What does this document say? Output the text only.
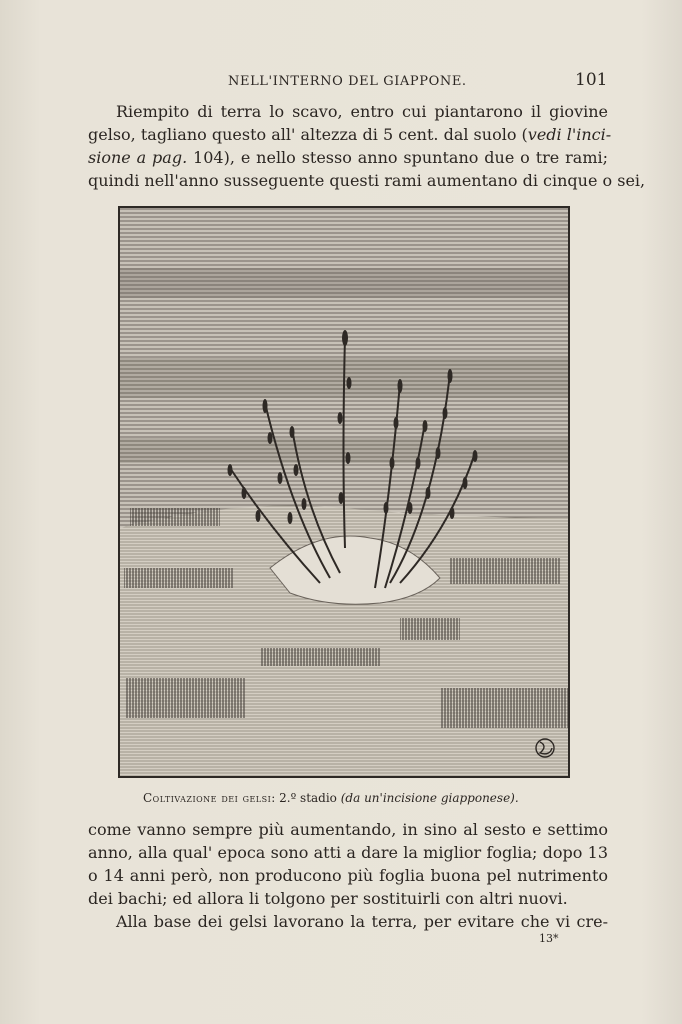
NELL'INTERNO DEL GIAPPONE.	101
Riempito di terra lo scavo, entro cui piantarono il giovine
gelso, tagliano questo all' altezza di 5 cent. dal suolo (vedi l'inci-
sione a pag. 104), e nello stesso anno spuntano due o tre rami;
quindi nell'anno susseguente questi rami aumentano di cinque o sei,
Coltivazione dei gelsi: 2.º stadio (da un'incisione giapponese).
come vanno sempre più aumentando, in sino al sesto e settimo
anno, alla qual' epoca sono atti a dare la miglior foglia; dopo 13
o 14 anni però, non producono più foglia buona pel nutrimento
dei bachi; ed allora li tolgono per sostituirli con altri nuovi.
Alla base dei gelsi lavorano la terra, per evitare che vi cre-
13*
